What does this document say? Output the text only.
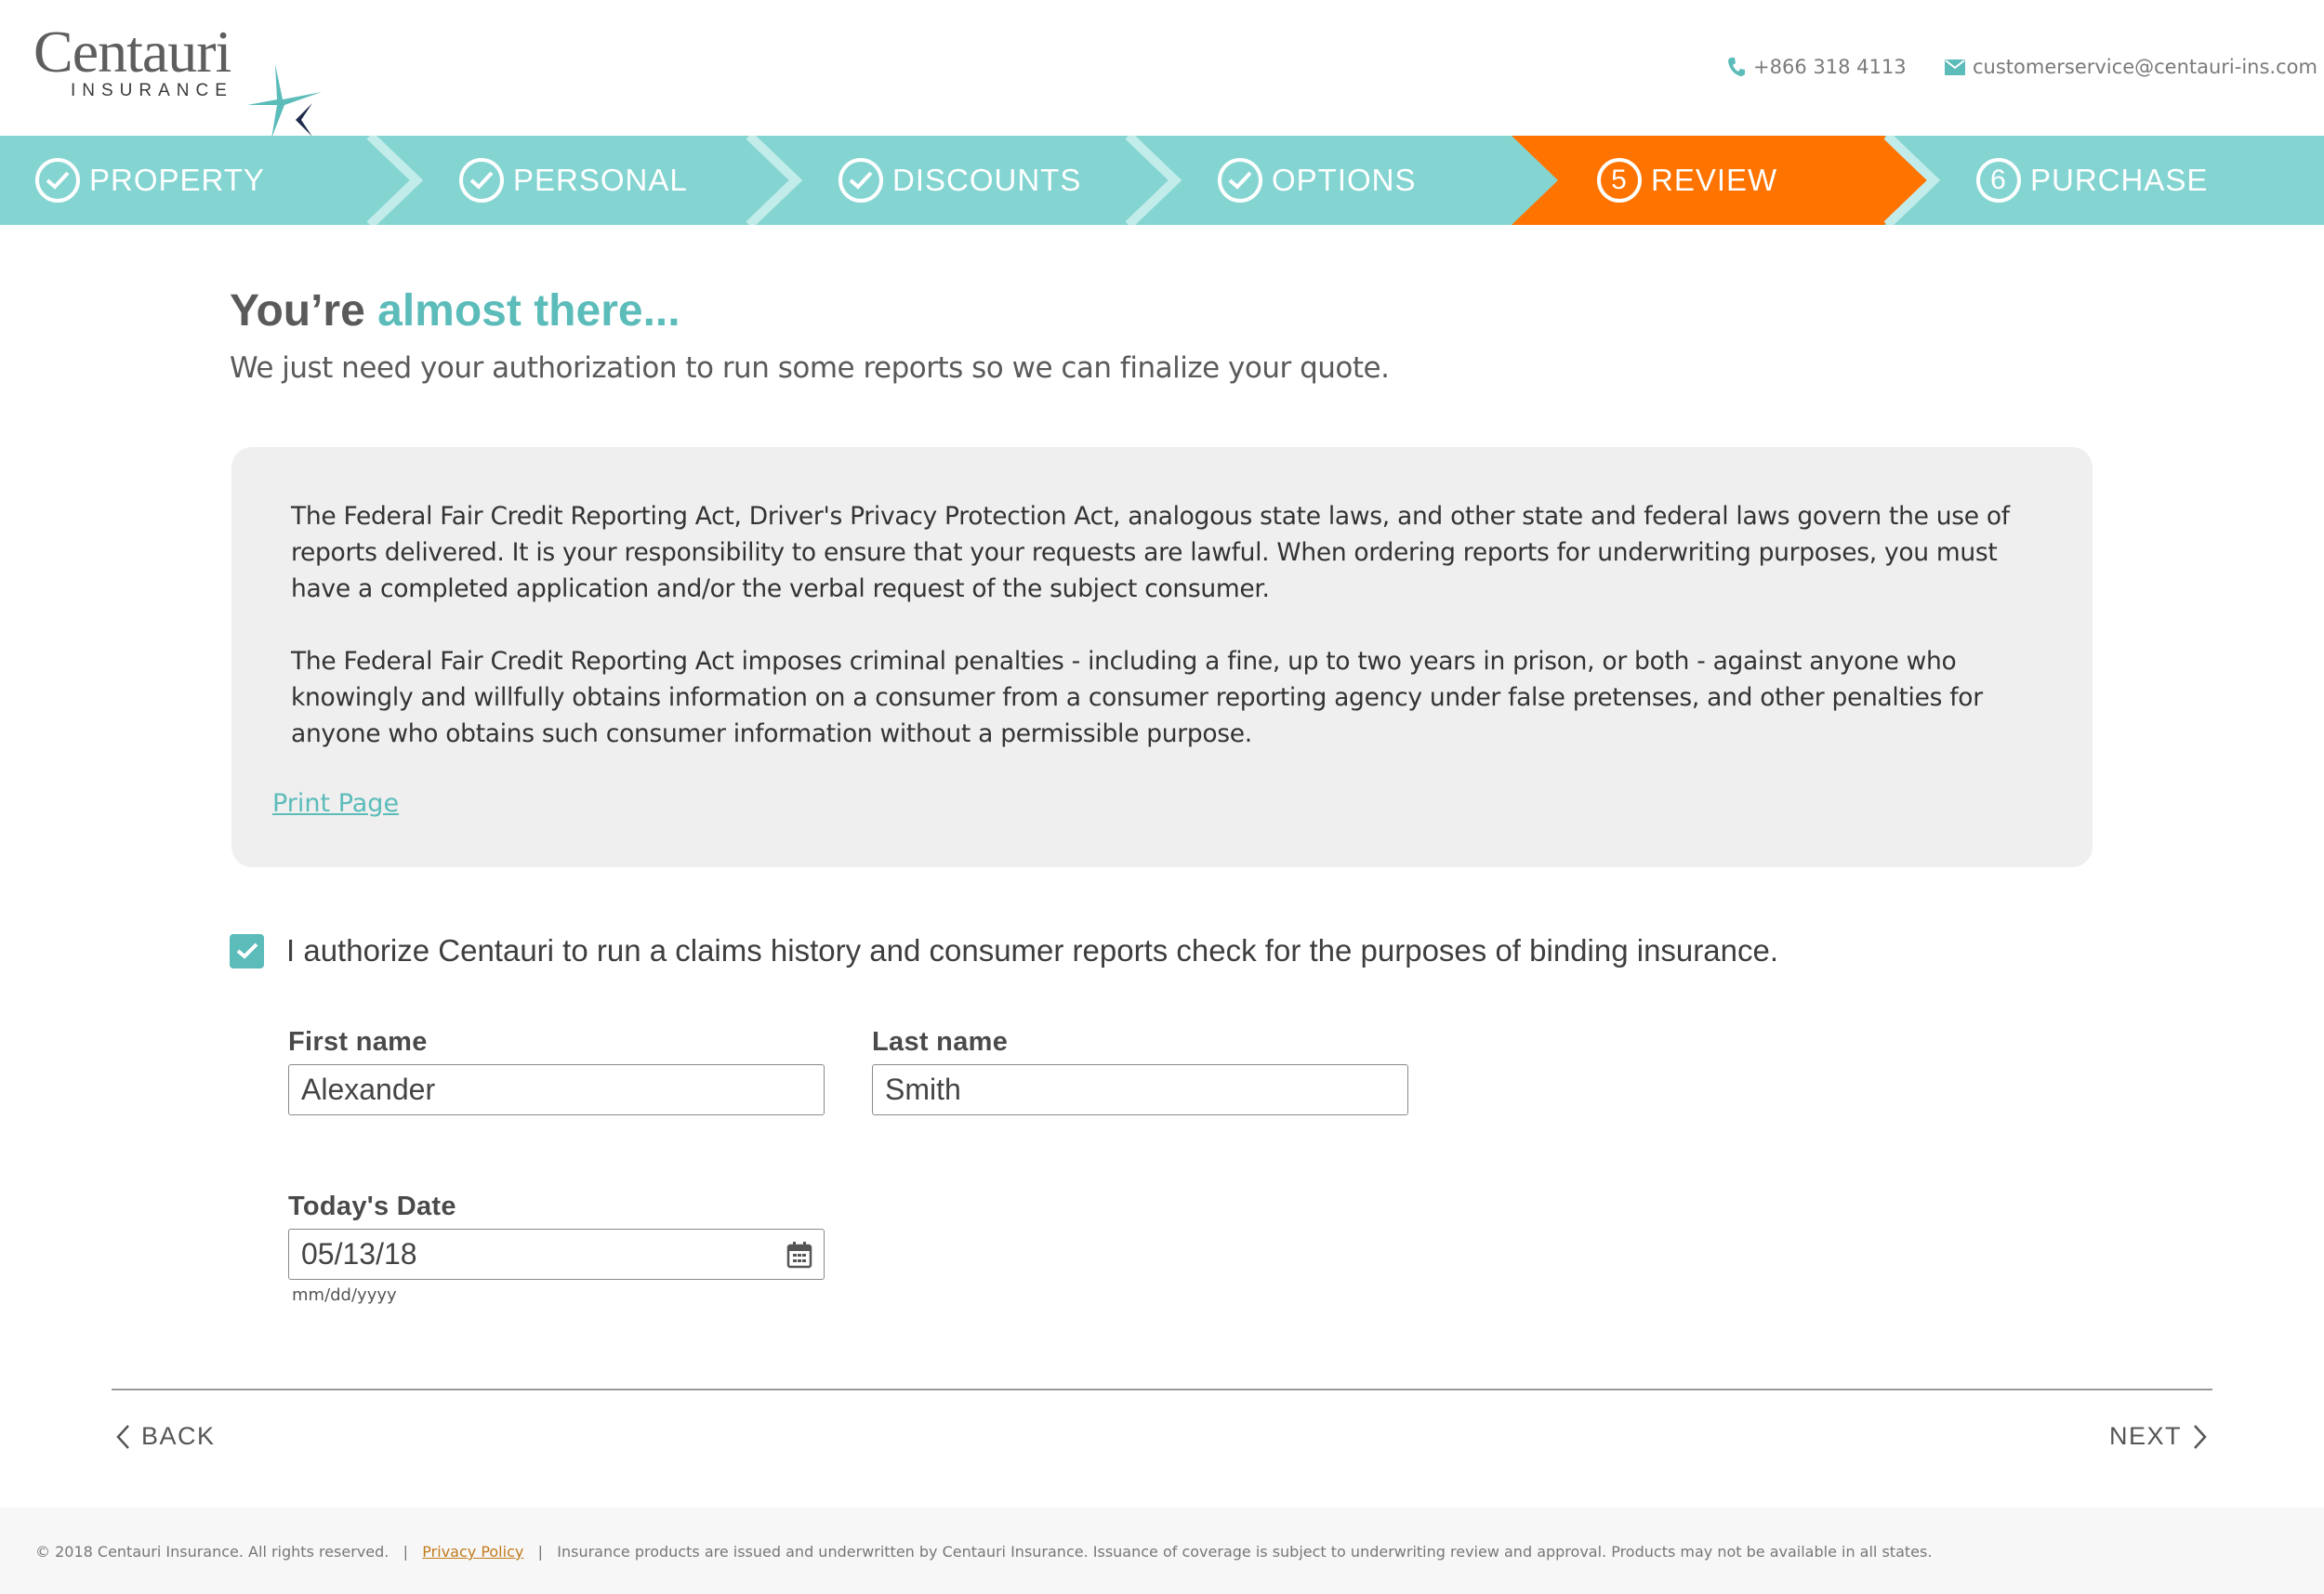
Centauri
INSURANCE
+866 318 4113	customerservice@centauri-ins.com
PROPERTY	PERSONAL	DISCOUNTS	OPTIONS	5 REVIEW	6 PURCHASE
You’re almost there...
We just need your authorization to run some reports so we can finalize your quote.

The Federal Fair Credit Reporting Act, Driver's Privacy Protection Act, analogous state laws, and other state and federal laws govern the use of reports delivered. It is your responsibility to ensure that your requests are lawful. When ordering reports for underwriting purposes, you must have a completed application and/or the verbal request of the subject consumer.

The Federal Fair Credit Reporting Act imposes criminal penalties - including a fine, up to two years in prison, or both - against anyone who knowingly and willfully obtains information on a consumer from a consumer reporting agency under false pretenses, and other penalties for anyone who obtains such consumer information without a permissible purpose.

Print Page
I authorize Centauri to run a claims history and consumer reports check for the purposes of binding insurance.
First name
Alexander
Last name
Smith
Today's Date
05/13/18
mm/dd/yyyy
BACK	NEXT
© 2018 Centauri Insurance. All rights reserved. | Privacy Policy | Insurance products are issued and underwritten by Centauri Insurance. Issuance of coverage is subject to underwriting review and approval. Products may not be available in all states.
